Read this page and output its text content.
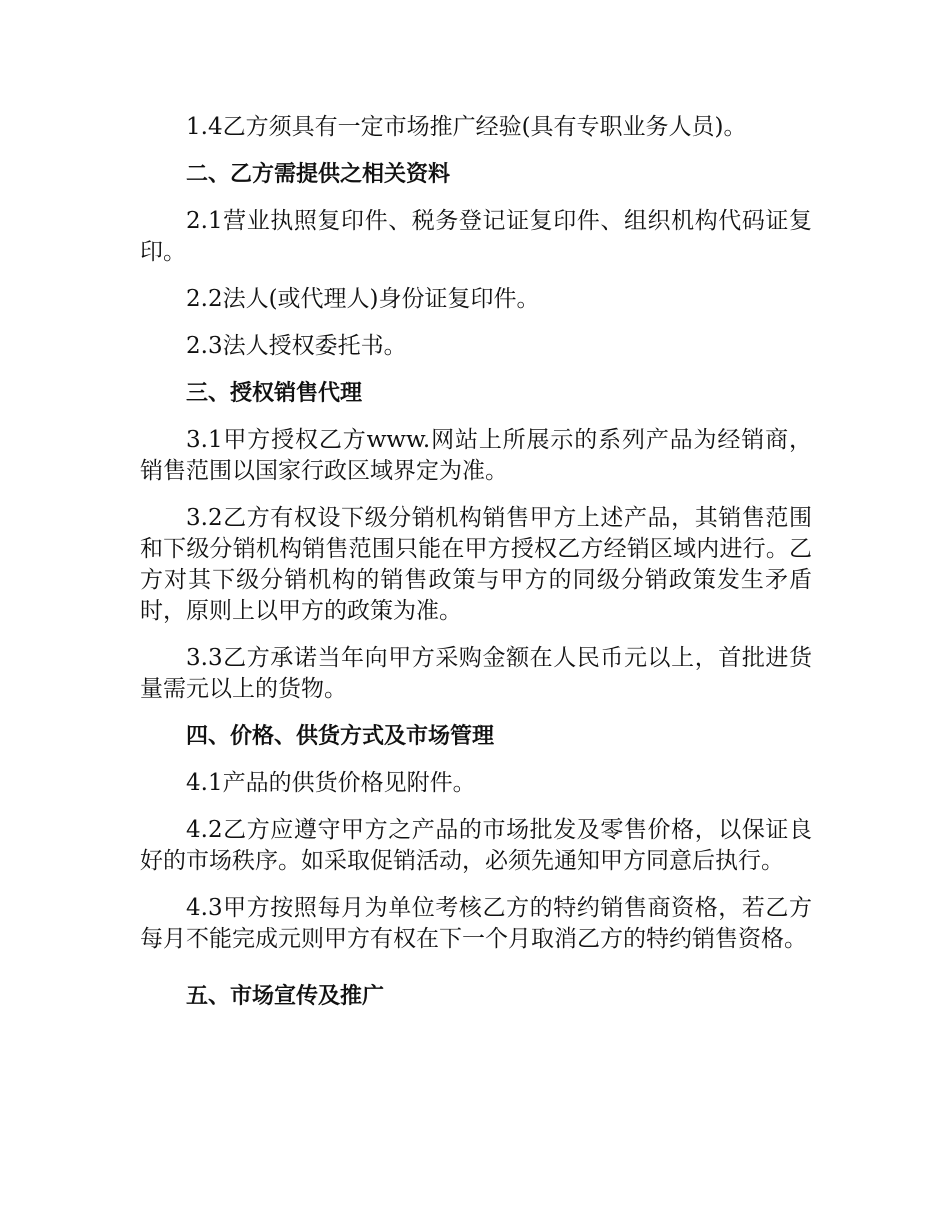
1.4乙方须具有一定市场推广经验(具有专职业务人员)。

二、乙方需提供之相关资料

2.1营业执照复印件、税务登记证复印件、组织机构代码证复印。

2.2法人(或代理人)身份证复印件。

2.3法人授权委托书。

三、授权销售代理

3.1甲方授权乙方www.网站上所展示的系列产品为经销商，销售范围以国家行政区域界定为准。

3.2乙方有权设下级分销机构销售甲方上述产品，其销售范围和下级分销机构销售范围只能在甲方授权乙方经销区域内进行。乙方对其下级分销机构的销售政策与甲方的同级分销政策发生矛盾时，原则上以甲方的政策为准。

3.3乙方承诺当年向甲方采购金额在人民币元以上，首批进货量需元以上的货物。

四、价格、供货方式及市场管理

4.1产品的供货价格见附件。

4.2乙方应遵守甲方之产品的市场批发及零售价格，以保证良好的市场秩序。如采取促销活动，必须先通知甲方同意后执行。

4.3甲方按照每月为单位考核乙方的特约销售商资格，若乙方每月不能完成元则甲方有权在下一个月取消乙方的特约销售资格。

五、市场宣传及推广
